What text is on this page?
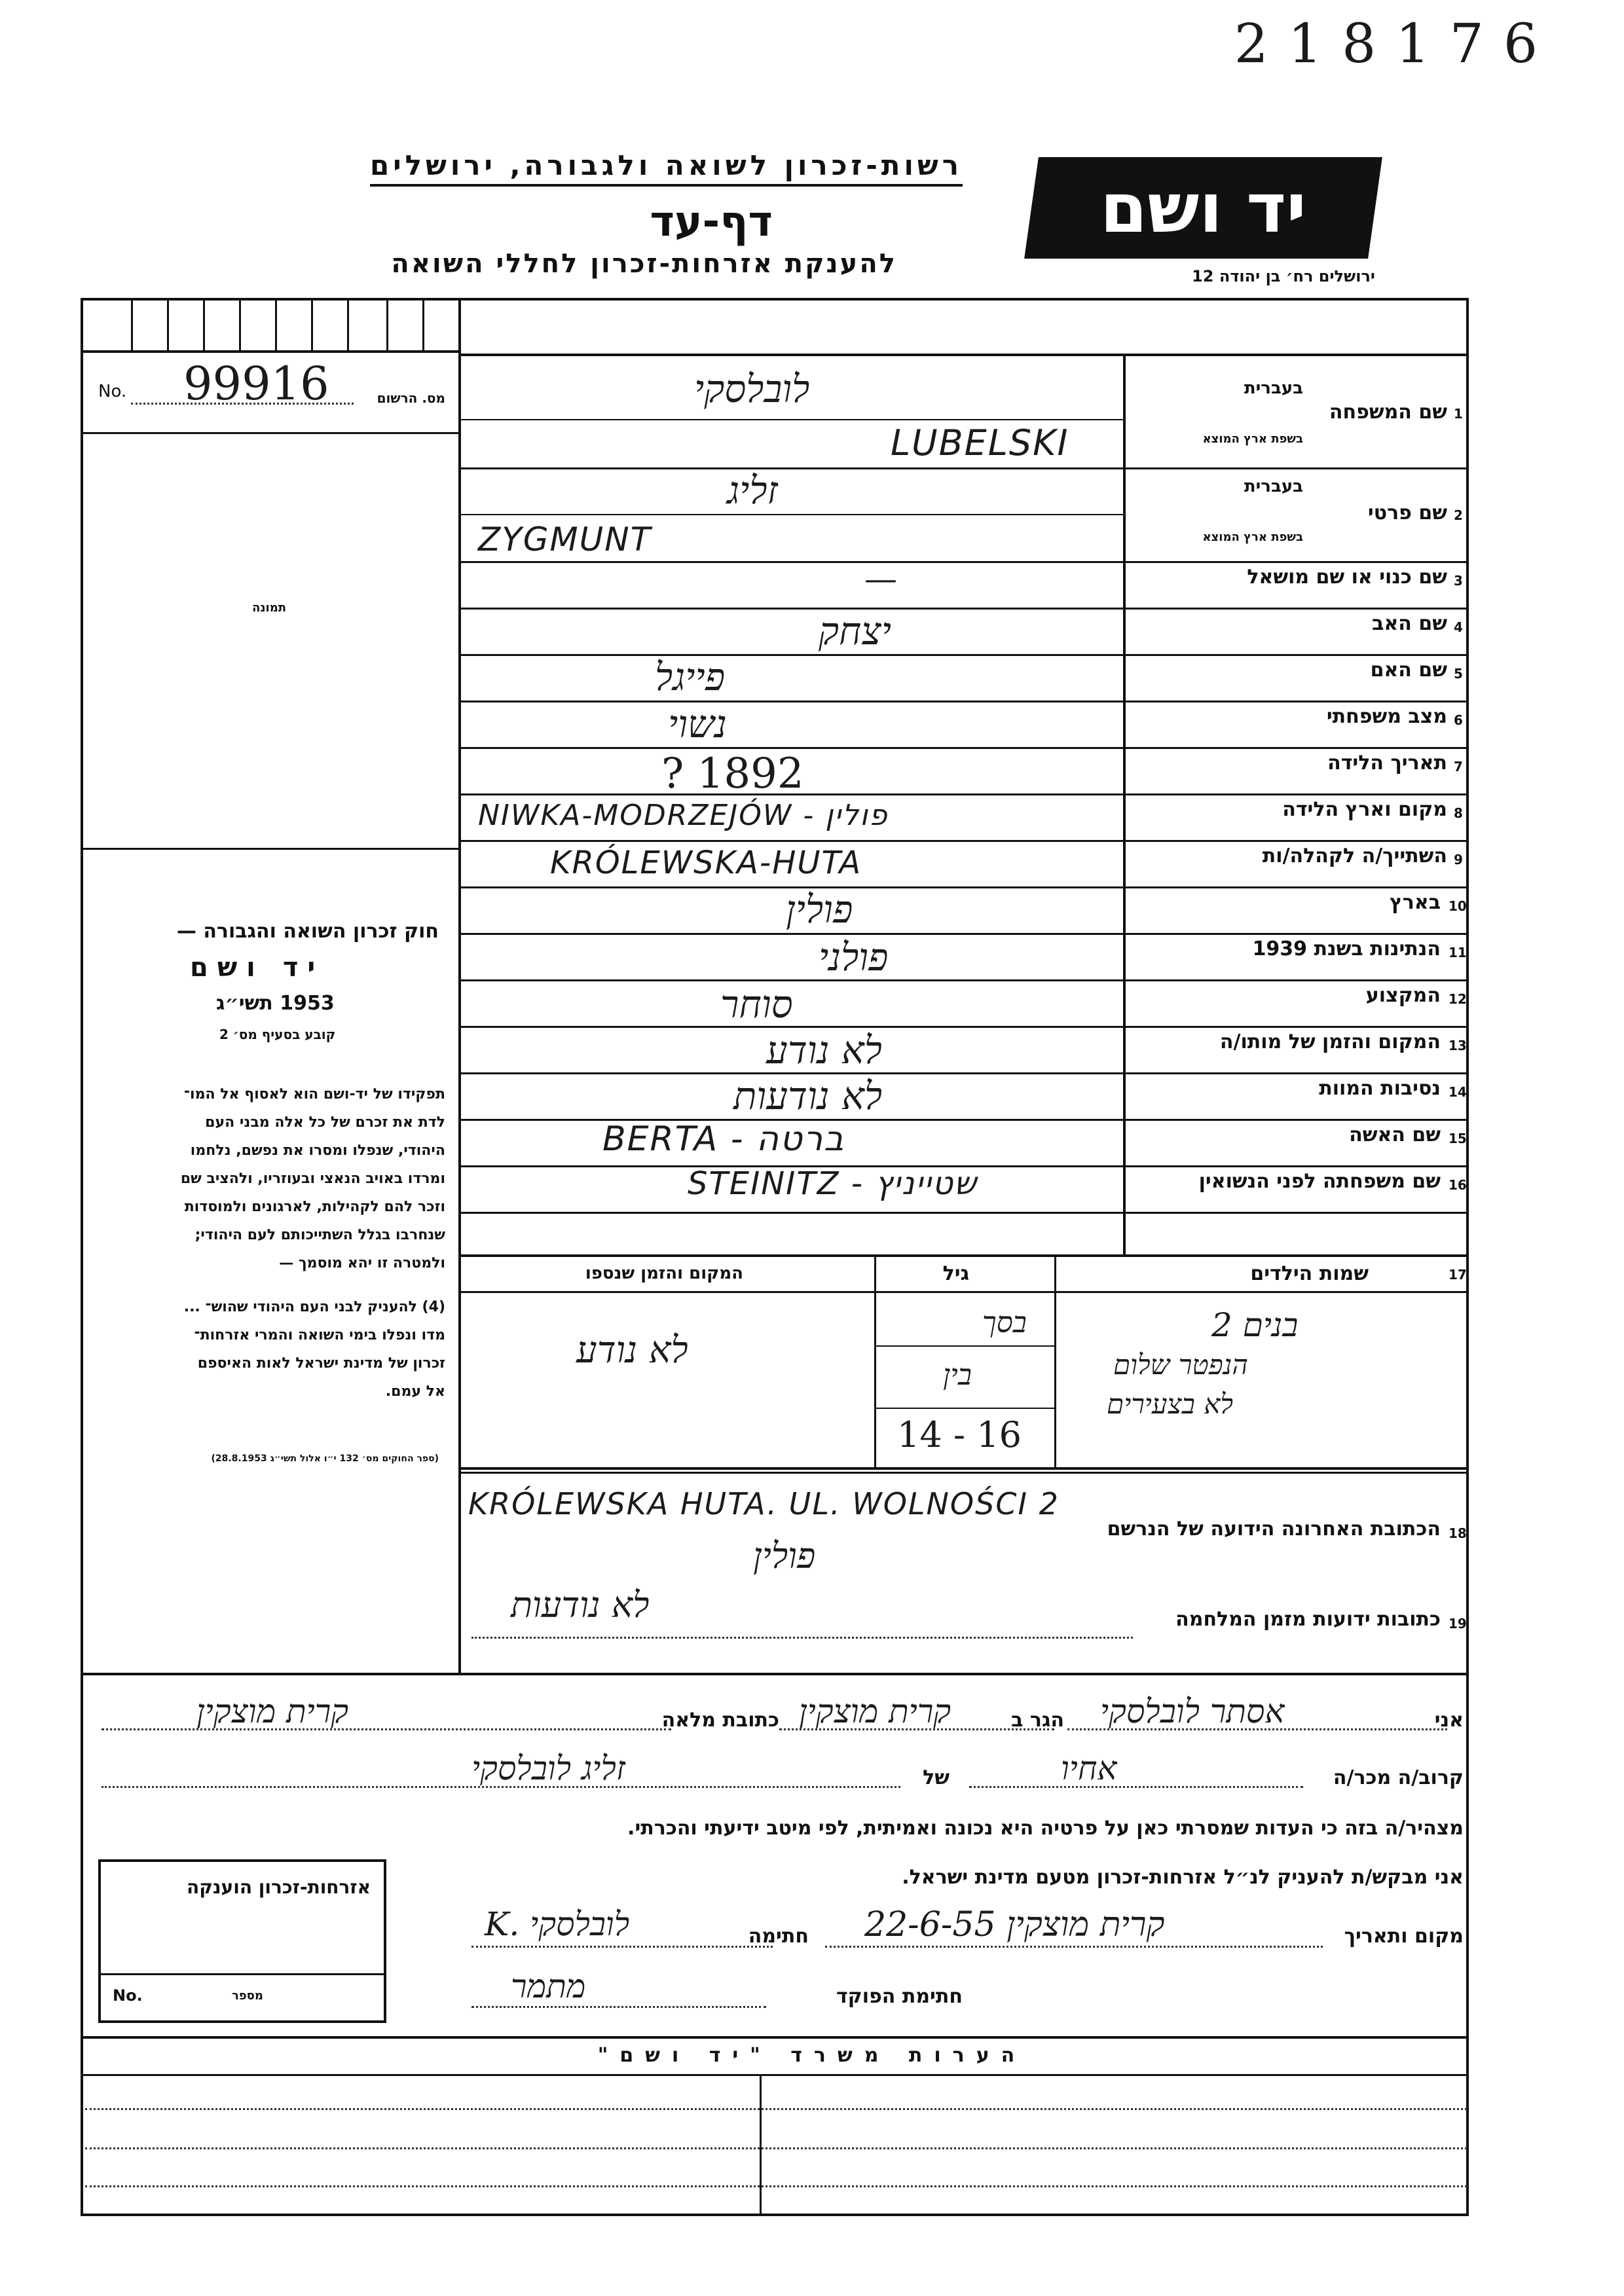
2 1 8 1 7 6
רשות-זכרון לשואה ולגבורה, ירושלים
דף-עד
להענקת אזרחות-זכרון לחללי השואה
יד ושם
ירושלים רח׳ בן יהודה 12
No. 99916	מס. הרשום
תמונה
חוק זכרון השואה והגבורה —
יד ושם
1953 תשי״ג
קובע בסעיף מס׳ 2
תפקידו של יד-ושם הוא לאסוף אל המו־
לדת את זכרם של כל אלה מבני העם
היהודי, שנפלו ומסרו את נפשם, נלחמו
ומרדו באויב הנאצי ובעוזריו, ולהציב שם
וזכר להם לקהילות, לארגונים ולמוסדות
שנחרבו בגלל השתייכותם לעם היהודי;
ולמטרה זו יהא מוסמך —
(4) להעניק לבני העם היהודי שהוש־ ...
מדו ונפלו בימי השואה והמרי אזרחות־
זכרון של מדינת ישראל לאות האיספם
אל עמם.
(ספר החוקים מס׳ 132 י״ו אלול תשי״ג 28.8.1953)
1
שם המשפחה
בעברית
בשפת ארץ המוצא
לובלסקי
LUBELSKI
2
שם פרטי
בעברית
בשפת ארץ המוצא
זליג
ZYGMUNT
3
שם כנוי או שם מושאל
—
4
שם האב
יצחק
5
שם האם
פייגל
6
מצב משפחתי
נשוי
7
תאריך הלידה
? 1892
8
מקום וארץ הלידה
NIWKA-MODRZEJÓW - פולין
9
השתייך/ה לקהלה/ות
KRÓLEWSKA-HUTA
10
בארץ
פולין
11
הנתינות בשנת 1939
פולני
12
המקצוע
סוחר
13
המקום והזמן של מותו/ה
לא נודע
14
נסיבות המוות
לא נודעות
15
שם האשה
BERTA - ברטה
16
שם משפחתה לפני הנשואין
STEINITZ - שטייניץ
17
שמות הילדים
גיל
המקום והזמן שנספו
2 בנים
הנפטר שלום
לא בצעירים
בסך
בין
14 - 16
לא נודע
18
הכתובת האחרונה הידועה של הנרשם
KRÓLEWSKA HUTA. UL. WOLNOŚCI 2
פולין
19
כתובות ידועות מזמן המלחמה
לא נודעות
אני
אסתר לובלסקי
הגר ב
קרית מוצקין
כתובת מלאה
קרית מוצקין
קרוב/ה מכר/ה
אחיו
של
זליג לובלסקי
מצהיר/ה בזה כי העדות שמסרתי כאן על פרטיה היא נכונה ואמיתית, לפי מיטב ידיעתי והכרתי.
אני מבקש/ת להעניק לנ״ל אזרחות-זכרון מטעם מדינת ישראל.
מקום ותאריך
קרית מוצקין 22-6-55
חתימה
K. לובלסקי
חתימת הפוקד
מתמר
אזרחות-זכרון הוענקה
No.	מספר
הערות משרד "יד ושם"
